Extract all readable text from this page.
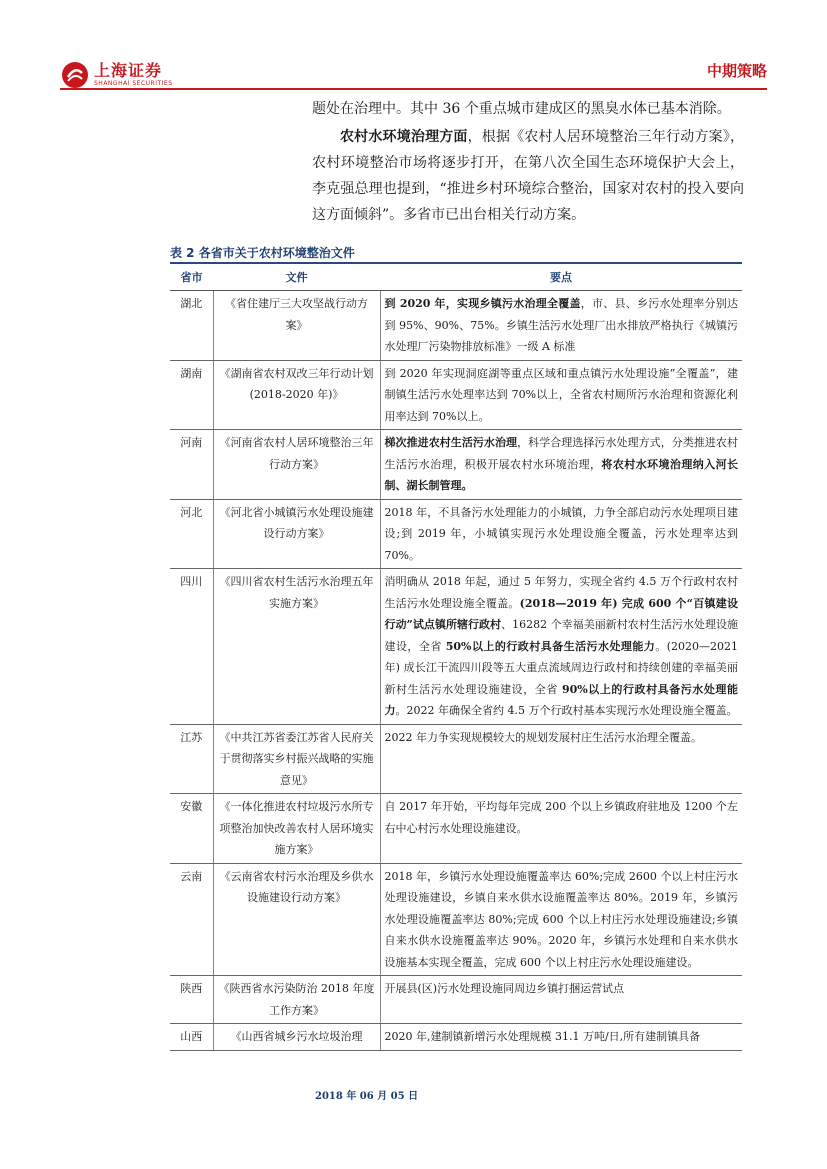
上海证券
SHANGHAI SECURITIES
中期策略

题处在治理中。其中 36 个重点城市建成区的黑臭水体已基本消除。

农村水环境治理方面，根据《农村人居环境整治三年行动方案》，农村环境整治市场将逐步打开，在第八次全国生态环境保护大会上，李克强总理也提到，“推进乡村环境综合整治，国家对农村的投入要向这方面倾斜”。多省市已出台相关行动方案。

表 2 各省市关于农村环境整治文件
省市	文件	要点
湖北	《省住建厅三大攻坚战行动方案》	到 2020 年，实现乡镇污水治理全覆盖，市、县、乡污水处理率分别达到 95%、90%、75%。乡镇生活污水处理厂出水排放严格执行《城镇污水处理厂污染物排放标准》一级 A 标准
湖南	《湖南省农村双改三年行动计划(2018-2020 年)》	到 2020 年实现洞庭湖等重点区域和重点镇污水处理设施”全覆盖”，建制镇生活污水处理率达到 70%以上，全省农村厕所污水治理和资源化利用率达到 70%以上。
河南	《河南省农村人居环境整治三年行动方案》	梯次推进农村生活污水治理，科学合理选择污水处理方式，分类推进农村生活污水治理，积极开展农村水环境治理，将农村水环境治理纳入河长制、湖长制管理。
河北	《河北省小城镇污水处理设施建设行动方案》	2018 年，不具备污水处理能力的小城镇，力争全部启动污水处理项目建设;到 2019 年，小城镇实现污水处理设施全覆盖，污水处理率达到 70%。
四川	《四川省农村生活污水治理五年实施方案》	消明确从 2018 年起，通过 5 年努力，实现全省约 4.5 万个行政村农村生活污水处理设施全覆盖。(2018—2019 年) 完成 600 个“百镇建设行动”试点镇所辖行政村、16282 个幸福美丽新村农村生活污水处理设施建设，全省 50%以上的行政村具备生活污水处理能力。(2020—2021 年) 成长江干流四川段等五大重点流域周边行政村和持续创建的幸福美丽新村生活污水处理设施建设，全省 90%以上的行政村具备污水处理能力。2022 年确保全省约 4.5 万个行政村基本实现污水处理设施全覆盖。
江苏	《中共江苏省委江苏省人民府关于贯彻落实乡村振兴战略的实施意见》	2022 年力争实现规模较大的规划发展村庄生活污水治理全覆盖。
安徽	《一体化推进农村垃圾污水所专项整治加快改善农村人居环境实施方案》	自 2017 年开始，平均每年完成 200 个以上乡镇政府驻地及 1200 个左右中心村污水处理设施建设。
云南	《云南省农村污水治理及乡供水设施建设行动方案》	2018 年，乡镇污水处理设施覆盖率达 60%;完成 2600 个以上村庄污水处理设施建设，乡镇自来水供水设施覆盖率达 80%。2019 年，乡镇污水处理设施覆盖率达 80%;完成 600 个以上村庄污水处理设施建设;乡镇自来水供水设施覆盖率达 90%。2020 年，乡镇污水处理和自来水供水设施基本实现全覆盖，完成 600 个以上村庄污水处理设施建设。
陕西	《陕西省水污染防治 2018 年度工作方案》	开展县(区)污水处理设施同周边乡镇打捆运营试点
山西	《山西省城乡污水垃圾治理	2020 年,建制镇新增污水处理规模 31.1 万吨/日,所有建制镇具备
2018 年 06 月 05 日
